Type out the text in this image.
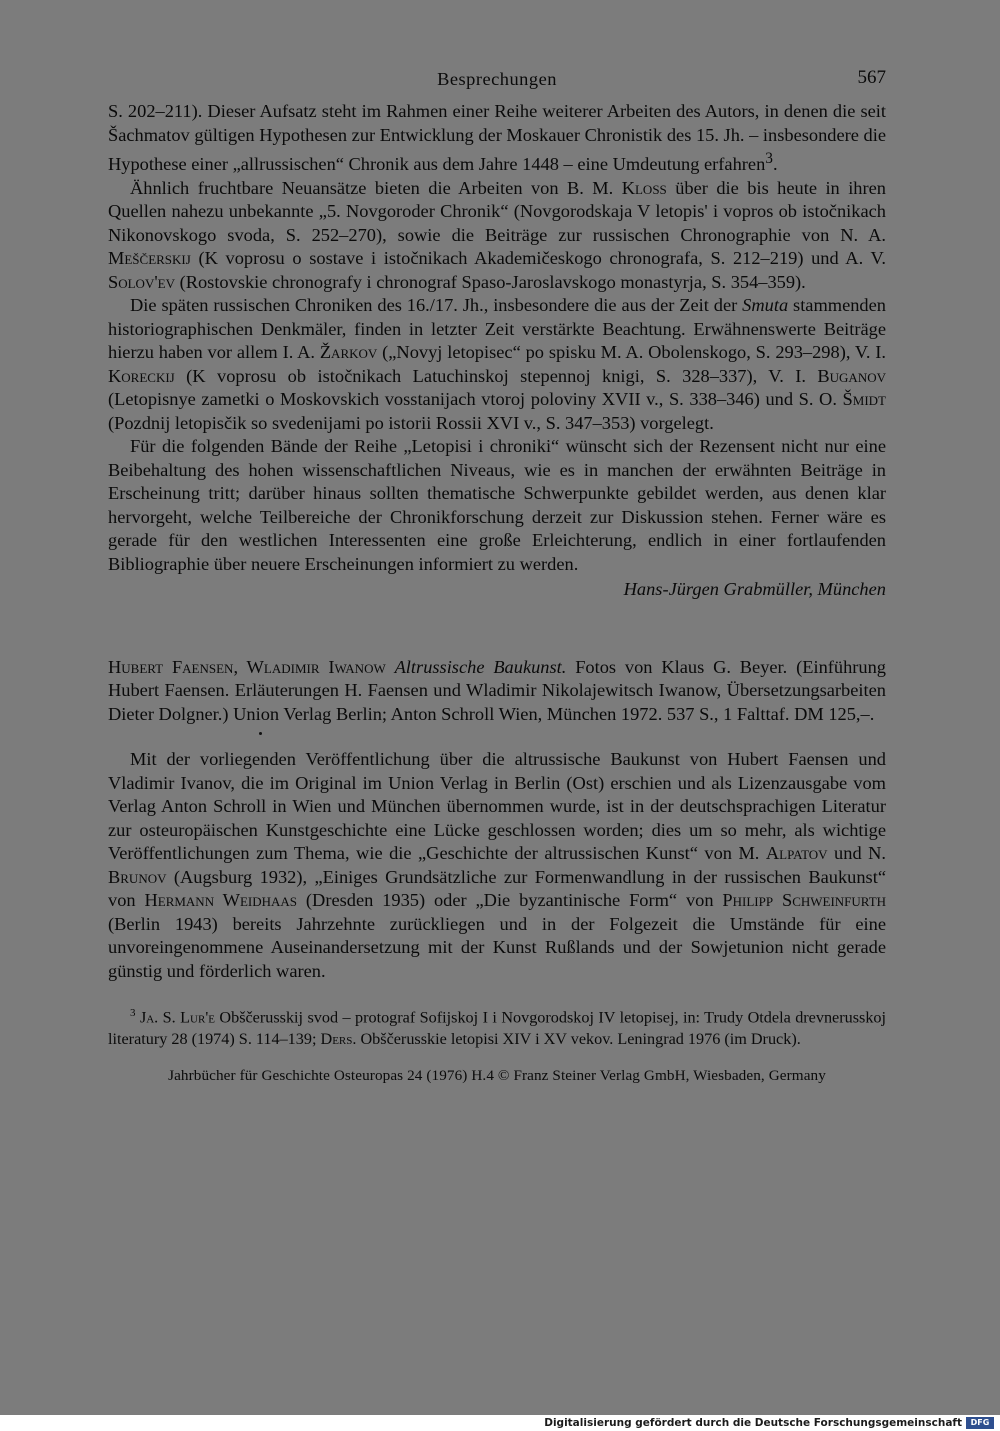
Besprechungen	567

S. 202–211). Dieser Aufsatz steht im Rahmen einer Reihe weiterer Arbeiten des Autors, in denen die seit Šachmatov gültigen Hypothesen zur Entwicklung der Moskauer Chronistik des 15. Jh. – insbesondere die Hypothese einer „allrussischen“ Chronik aus dem Jahre 1448 – eine Umdeutung erfahren$^3$.

Ähnlich fruchtbare Neuansätze bieten die Arbeiten von B. M. Kloss über die bis heute in ihren Quellen nahezu unbekannte „5. Novgoroder Chronik“ (Novgorodskaja V letopis' i vopros ob istočnikach Nikonovskogo svoda, S. 252–270), sowie die Beiträge zur russischen Chronographie von N. A. Meščerskij (K voprosu o sostave i istočnikach Akademičeskogo chronografa, S. 212–219) und A. V. Solov'ev (Rostovskie chronografy i chronograf Spaso-Jaroslavskogo monastyrja, S. 354–359).

Die späten russischen Chroniken des 16./17. Jh., insbesondere die aus der Zeit der Smuta stammenden historiographischen Denkmäler, finden in letzter Zeit verstärkte Beachtung. Erwähnenswerte Beiträge hierzu haben vor allem I. A. Žarkov („Novyj letopisec“ po spisku M. A. Obolenskogo, S. 293–298), V. I. Koreckij (K voprosu ob istočnikach Latuchinskoj stepennoj knigi, S. 328–337), V. I. Buganov (Letopisnye zametki o Moskovskich vosstanijach vtoroj poloviny XVII v., S. 338–346) und S. O. Šmidt (Pozdnij letopisčik so svedenijami po istorii Rossii XVI v., S. 347–353) vorgelegt.

Für die folgenden Bände der Reihe „Letopisi i chroniki“ wünscht sich der Rezensent nicht nur eine Beibehaltung des hohen wissenschaftlichen Niveaus, wie es in manchen der erwähnten Beiträge in Erscheinung tritt; darüber hinaus sollten thematische Schwerpunkte gebildet werden, aus denen klar hervorgeht, welche Teilbereiche der Chronikforschung derzeit zur Diskussion stehen. Ferner wäre es gerade für den westlichen Interessenten eine große Erleichterung, endlich in einer fortlaufenden Bibliographie über neuere Erscheinungen informiert zu werden.

Hans-Jürgen Grabmüller, München

Hubert Faensen, Wladimir Iwanow Altrussische Baukunst. Fotos von Klaus G. Beyer. (Einführung Hubert Faensen. Erläuterungen H. Faensen und Wladimir Nikolajewitsch Iwanow, Übersetzungsarbeiten Dieter Dolgner.) Union Verlag Berlin; Anton Schroll Wien, München 1972. 537 S., 1 Falttaf. DM 125,–.

Mit der vorliegenden Veröffentlichung über die altrussische Baukunst von Hubert Faensen und Vladimir Ivanov, die im Original im Union Verlag in Berlin (Ost) erschien und als Lizenzausgabe vom Verlag Anton Schroll in Wien und München übernommen wurde, ist in der deutschsprachigen Literatur zur osteuropäischen Kunstgeschichte eine Lücke geschlossen worden; dies um so mehr, als wichtige Veröffentlichungen zum Thema, wie die „Geschichte der altrussischen Kunst“ von M. Alpatov und N. Brunov (Augsburg 1932), „Einiges Grundsätzliche zur Formenwandlung in der russischen Baukunst“ von Hermann Weidhaas (Dresden 1935) oder „Die byzantinische Form“ von Philipp Schweinfurth (Berlin 1943) bereits Jahrzehnte zurückliegen und in der Folgezeit die Umstände für eine unvoreingenommene Auseinandersetzung mit der Kunst Rußlands und der Sowjetunion nicht gerade günstig und förderlich waren.

$^3$ Ja. S. Lur'e Obščerusskij svod – protograf Sofijskoj I i Novgorodskoj IV letopisej, in: Trudy Otdela drevnerusskoj literatury 28 (1974) S. 114–139; Ders. Obščerusskie letopisi XIV i XV vekov. Leningrad 1976 (im Druck).

Jahrbücher für Geschichte Osteuropas 24 (1976) H.4 © Franz Steiner Verlag GmbH, Wiesbaden, Germany

Digitalisierung gefördert durch die Deutsche Forschungsgemeinschaft	DFG
